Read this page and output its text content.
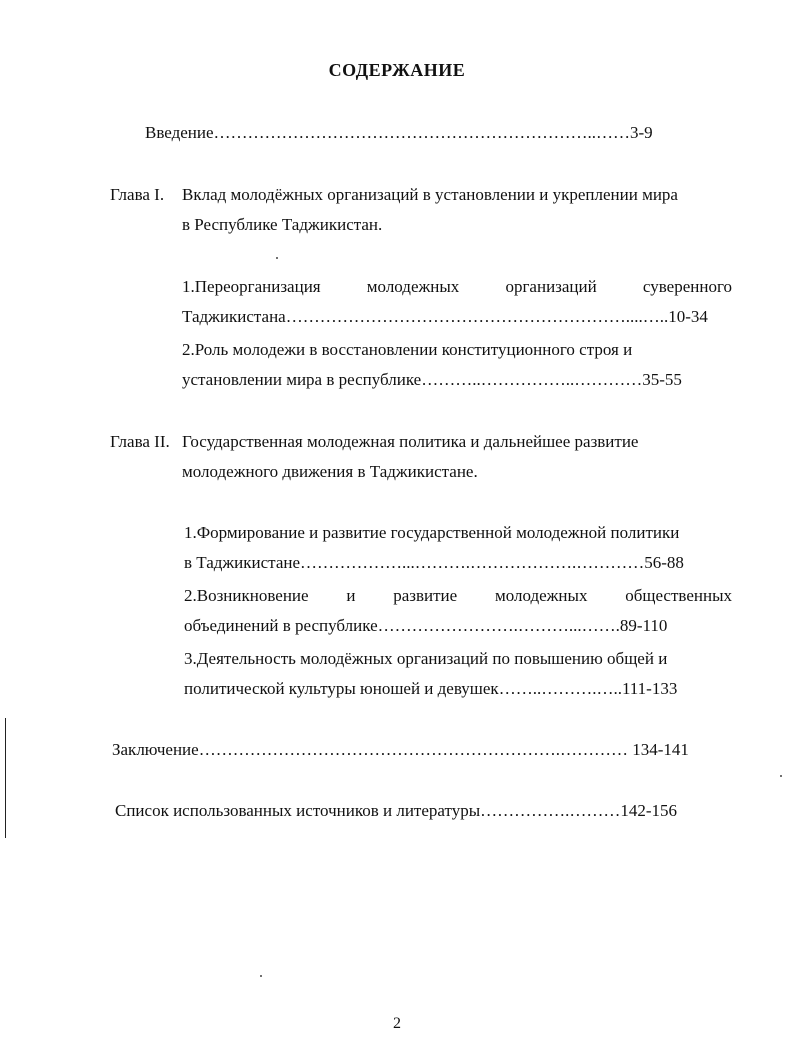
СОДЕРЖАНИЕ
Введение…………………………………………………………..……3-9
Глава I. Вклад молодёжных организаций в установлении и укреплении мира
в Республике Таджикистан.
1.Переорганизация	молодежных	организаций	суверенного
Таджикистана……………………………………………………....…..10-34
2.Роль молодежи в восстановлении конституционного строя и
установлении мира в республике………..……………..…………35-55
Глава II. Государственная молодежная политика и дальнейшее развитие
молодежного движения в Таджикистане.
1.Формирование и развитие государственной молодежной политики
в Таджикистане………………...……….……………….…………56-88
2.Возникновение и развитие молодежных общественных
объединений в республике…………………….………...…….89-110
3.Деятельность молодёжных организаций по повышению общей и
политической культуры юношей и девушек……..……….…..111-133
Заключение……………………………………………………….………… 134-141
Список использованных источников и литературы…………….………142-156
2
